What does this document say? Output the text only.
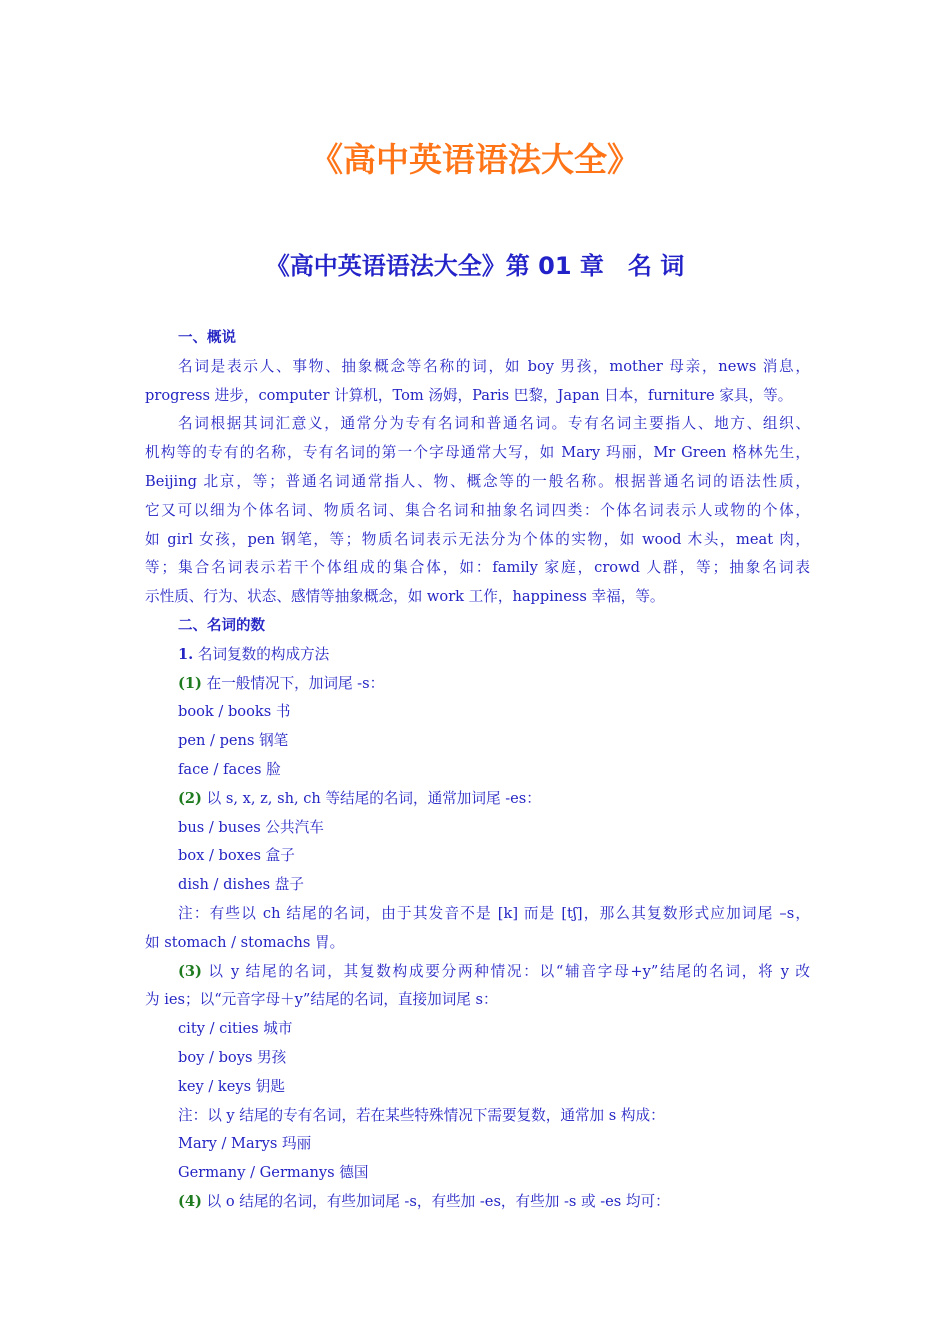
《高中英语语法大全》
《高中英语语法大全》第 01 章　名 词
一、概说
名词是表示人、事物、抽象概念等名称的词，如 boy 男孩，mother 母亲，news 消息，
progress 进步，computer 计算机，Tom 汤姆，Paris 巴黎，Japan 日本，furniture 家具，等。
名词根据其词汇意义，通常分为专有名词和普通名词。专有名词主要指人、地方、组织、
机构等的专有的名称，专有名词的第一个字母通常大写，如 Mary 玛丽，Mr Green 格林先生，
Beijing 北京，等；普通名词通常指人、物、概念等的一般名称。根据普通名词的语法性质，
它又可以细为个体名词、物质名词、集合名词和抽象名词四类：个体名词表示人或物的个体，
如 girl 女孩，pen 钢笔，等；物质名词表示无法分为个体的实物，如 wood 木头，meat 肉，
等；集合名词表示若干个体组成的集合体，如：family 家庭，crowd 人群，等；抽象名词表
示性质、行为、状态、感情等抽象概念，如 work 工作，happiness 幸福，等。
二、名词的数
1. 名词复数的构成方法
(1) 在一般情况下，加词尾 -s：
book / books 书
pen / pens 钢笔
face / faces 脸
(2) 以 s, x, z, sh, ch 等结尾的名词，通常加词尾 -es：
bus / buses 公共汽车
box / boxes 盒子
dish / dishes 盘子
注：有些以 ch 结尾的名词，由于其发音不是 [k] 而是 [tʃ]，那么其复数形式应加词尾 –s，
如 stomach / stomachs 胃。
(3) 以 y 结尾的名词，其复数构成要分两种情况：以“辅音字母+y”结尾的名词，将 y 改
为 ies；以“元音字母＋y”结尾的名词，直接加词尾 s：
city / cities 城市
boy / boys 男孩
key / keys 钥匙
注：以 y 结尾的专有名词，若在某些特殊情况下需要复数，通常加 s 构成：
Mary / Marys 玛丽
Germany / Germanys 德国
(4) 以 o 结尾的名词，有些加词尾 -s，有些加 -es，有些加 -s 或 -es 均可：
